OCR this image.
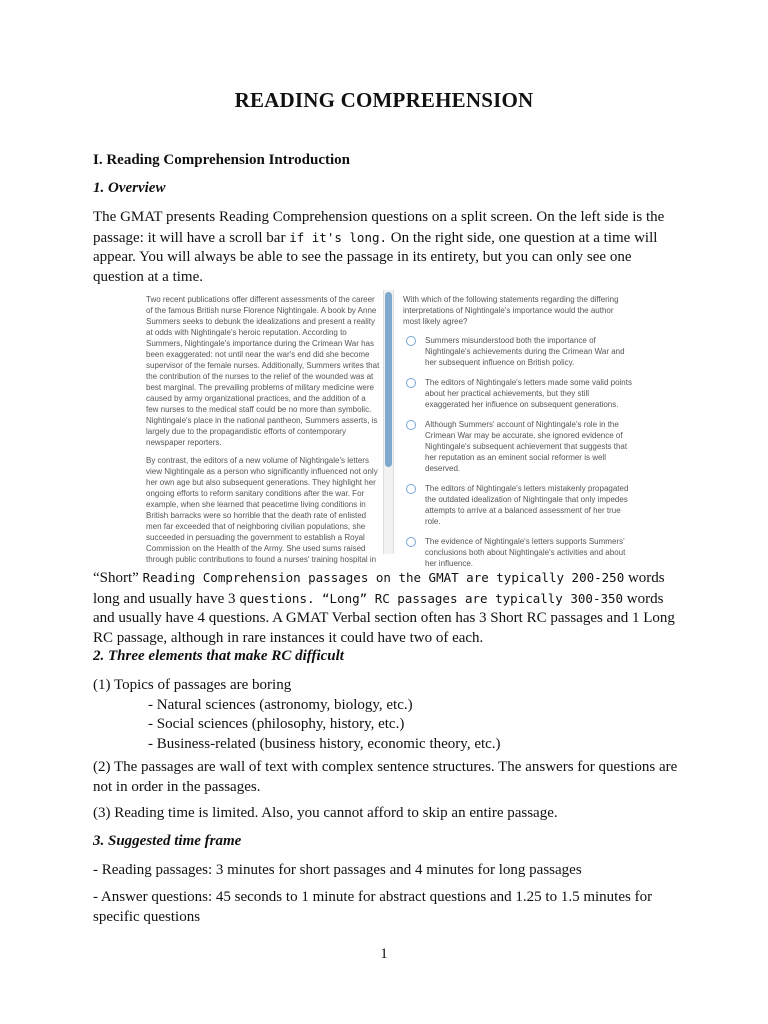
READING COMPREHENSION
I. Reading Comprehension Introduction
1. Overview

The GMAT presents Reading Comprehension questions on a split screen. On the left side is the passage: it will have a scroll bar if it's long. On the right side, one question at a time will appear. You will always be able to see the passage in its entirety, but you can only see one question at a time.

Two recent publications offer different assessments of the career of the famous British nurse Florence Nightingale. A book by Anne Summers seeks to debunk the idealizations and present a reality at odds with Nightingale's heroic reputation. According to Summers, Nightingale's importance during the Crimean War has been exaggerated: not until near the war's end did she become supervisor of the female nurses. Additionally, Summers writes that the contribution of the nurses to the relief of the wounded was at best marginal. The prevailing problems of military medicine were caused by army organizational practices, and the addition of a few nurses to the medical staff could be no more than symbolic. Nightingale's place in the national pantheon, Summers asserts, is largely due to the propagandistic efforts of contemporary newspaper reporters.

By contrast, the editors of a new volume of Nightingale's letters view Nightingale as a person who significantly influenced not only her own age but also subsequent generations. They highlight her ongoing efforts to reform sanitary conditions after the war. For example, when she learned that peacetime living conditions in British barracks were so horrible that the death rate of enlisted men far exceeded that of neighboring civilian populations, she succeeded in persuading the government to establish a Royal Commission on the Health of the Army. She used sums raised through public contributions to found a nurses' training hospital in

With which of the following statements regarding the differing interpretations of Nightingale's importance would the author most likely agree?
Summers misunderstood both the importance of Nightingale's achievements during the Crimean War and her subsequent influence on British policy.
The editors of Nightingale's letters made some valid points about her practical achievements, but they still exaggerated her influence on subsequent generations.
Although Summers' account of Nightingale's role in the Crimean War may be accurate, she ignored evidence of Nightingale's subsequent achievement that suggests that her reputation as an eminent social reformer is well deserved.
The editors of Nightingale's letters mistakenly propagated the outdated idealization of Nightingale that only impedes attempts to arrive at a balanced assessment of her true role.
The evidence of Nightingale's letters supports Summers' conclusions both about Nightingale's activities and about her influence.

“Short” Reading Comprehension passages on the GMAT are typically 200-250 words long and usually have 3 questions. “Long” RC passages are typically 300-350 words and usually have 4 questions. A GMAT Verbal section often has 3 Short RC passages and 1 Long RC passage, although in rare instances it could have two of each.

2. Three elements that make RC difficult

(1) Topics of passages are boring

- Natural sciences (astronomy, biology, etc.)

- Social sciences (philosophy, history, etc.)

- Business-related (business history, economic theory, etc.)

(2) The passages are wall of text with complex sentence structures. The answers for questions are not in order in the passages.
(3) Reading time is limited. Also, you cannot afford to skip an entire passage.
3. Suggested time frame
- Reading passages: 3 minutes for short passages and 4 minutes for long passages
- Answer questions: 45 seconds to 1 minute for abstract questions and 1.25 to 1.5 minutes for specific questions
1
